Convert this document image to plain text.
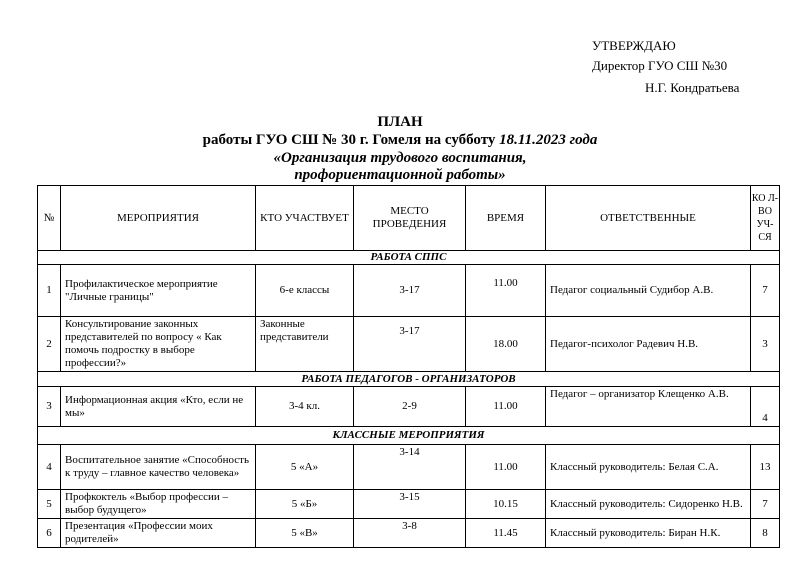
УТВЕРЖДАЮ
Директор ГУО СШ №30
Н.Г. Кондратьева
ПЛАН
работы ГУО СШ № 30 г. Гомеля на субботу 18.11.2023 года
«Организация трудового воспитания,
профориентационной работы»
№	МЕРОПРИЯТИЯ	КТО УЧАСТВУЕТ	МЕСТО ПРОВЕДЕНИЯ	ВРЕМЯ	ОТВЕТСТВЕННЫЕ	КО Л- ВО УЧ- СЯ
РАБОТА СППС						
1	Профилактическое мероприятие "Личные границы"	6-е классы	3-17	11.00	Педагог социальный Судибор А.В.	7
2	Консультирование законных представителей по вопросу « Как помочь подростку в выборе профессии?»	Законные представители	3-17	18.00	Педагог-психолог Радевич Н.В.	3
РАБОТА ПЕДАГОГОВ - ОРГАНИЗАТОРОВ						
3	Информационная акция «Кто, если не мы»	3-4 кл.	2-9	11.00	Педагог – организатор Клещенко А.В.	4
КЛАССНЫЕ МЕРОПРИЯТИЯ						
4	Воспитательное занятие «Способность к труду – главное качество человека»	5 «А»	3-14	11.00	Классный руководитель: Белая С.А.	13
5	Профкоктель «Выбор профессии – выбор будущего»	5 «Б»	3-15	10.15	Классный руководитель: Сидоренко Н.В.	7
6	Презентация «Профессии моих родителей»	5 «В»	3-8	11.45	Классный руководитель: Биран Н.К.	8
